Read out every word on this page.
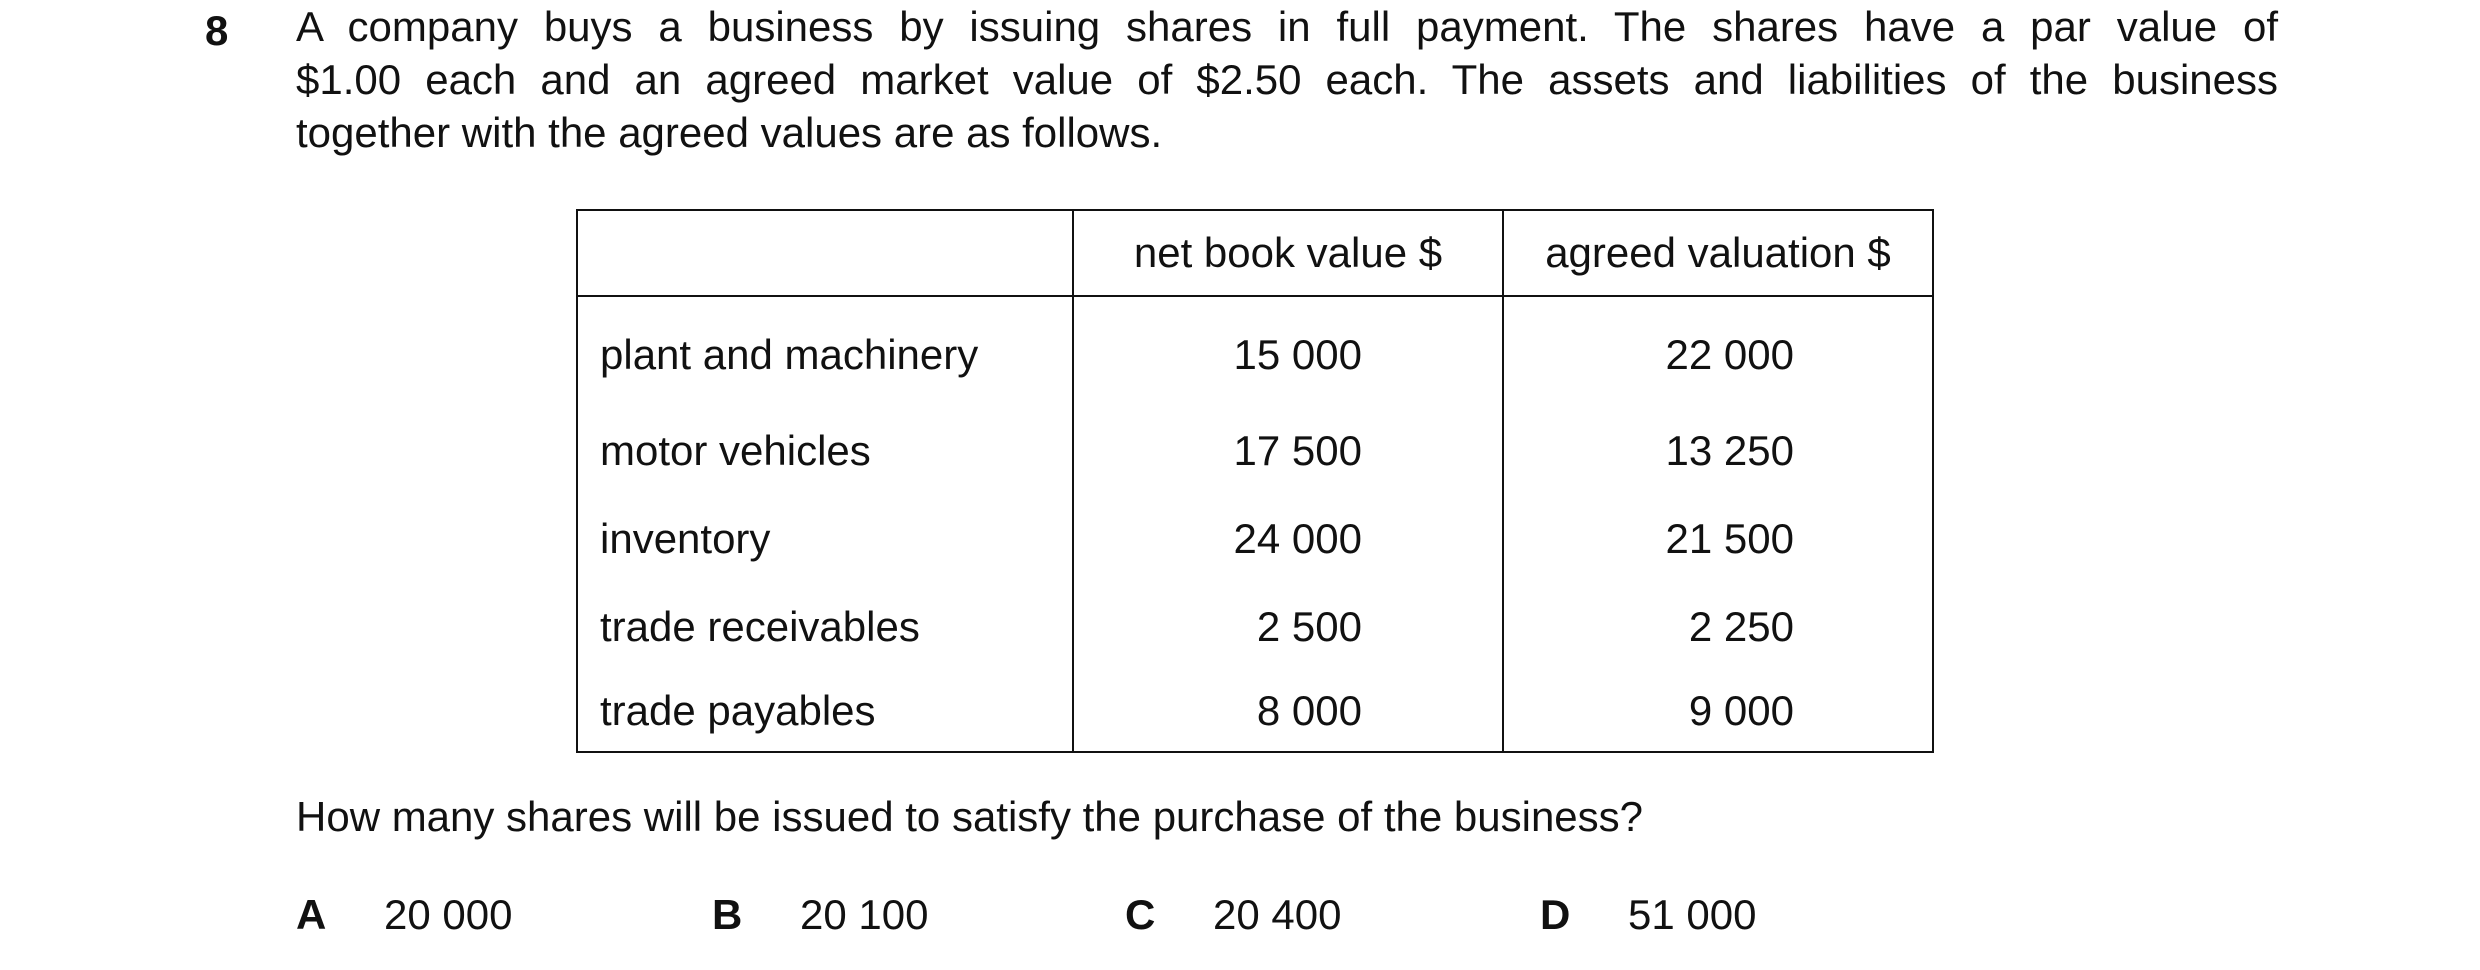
8 A company buys a business by issuing shares in full payment. The shares have a par value of
$1.00 each and an agreed market value of $2.50 each. The assets and liabilities of the business
together with the agreed values are as follows.
	net book value $	agreed valuation $
plant and machinery	15 000	22 000
motor vehicles	17 500	13 250
inventory	24 000	21 500
trade receivables	2 500	2 250
trade payables	8 000	9 000
How many shares will be issued to satisfy the purchase of the business?
A 20 000	B 20 100	C 20 400	D 51 000
